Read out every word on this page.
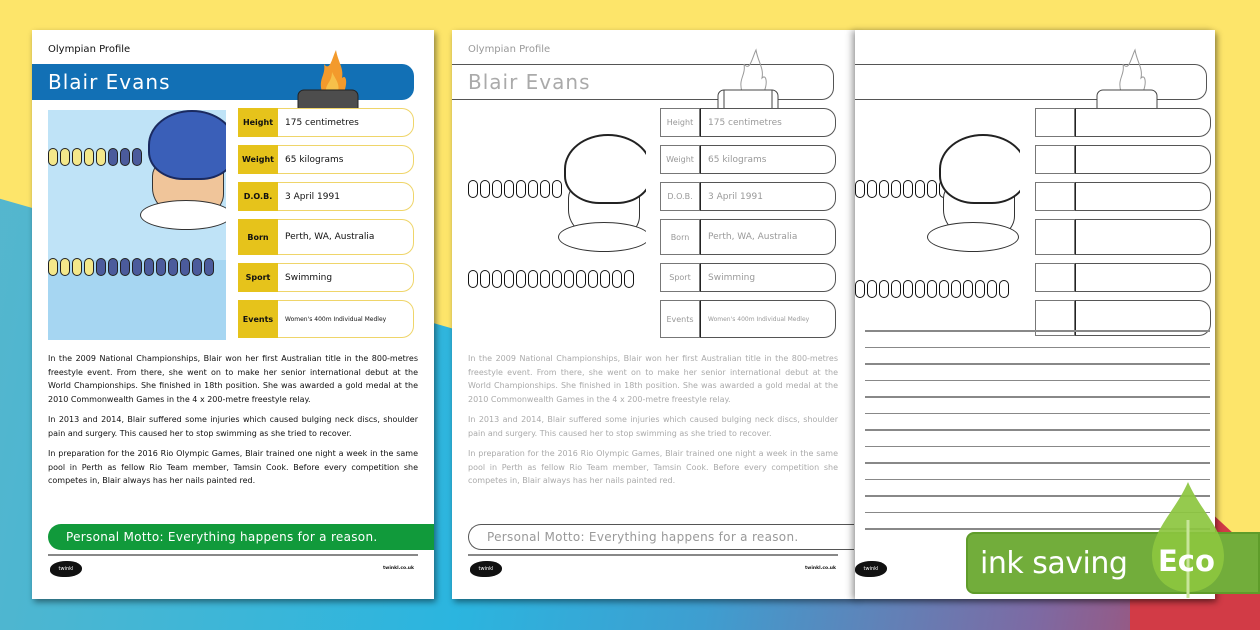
Olympian Profile
Blair Evans
Height	175 centimetres
Weight	65 kilograms
D.O.B.	3 April 1991
Born	Perth, WA, Australia
Sport	Swimming
Events	Women's 400m Individual Medley

In the 2009 National Championships, Blair won her first Australian title in the 800-metres freestyle event. From there, she went on to make her senior international debut at the World Championships. She finished in 18th position. She was awarded a gold medal at the 2010 Commonwealth Games in the 4 x 200-metre freestyle relay.

In 2013 and 2014, Blair suffered some injuries which caused bulging neck discs, shoulder pain and surgery. This caused her to stop swimming as she tried to recover.

In preparation for the 2016 Rio Olympic Games, Blair trained one night a week in the same pool in Perth as fellow Rio Team member, Tamsin Cook. Before every competition she competes in, Blair always has her nails painted red.

Personal Motto: Everything happens for a reason.
twinkl	twinkl.co.uk
Olympian Profile
Blair Evans
Height	175 centimetres
Weight	65 kilograms
D.O.B.	3 April 1991
Born	Perth, WA, Australia
Sport	Swimming
Events	Women's 400m Individual Medley

In the 2009 National Championships, Blair won her first Australian title in the 800-metres freestyle event. From there, she went on to make her senior international debut at the World Championships. She finished in 18th position. She was awarded a gold medal at the 2010 Commonwealth Games in the 4 x 200-metre freestyle relay.

In 2013 and 2014, Blair suffered some injuries which caused bulging neck discs, shoulder pain and surgery. This caused her to stop swimming as she tried to recover.

In preparation for the 2016 Rio Olympic Games, Blair trained one night a week in the same pool in Perth as fellow Rio Team member, Tamsin Cook. Before every competition she competes in, Blair always has her nails painted red.

Personal Motto: Everything happens for a reason.
twinkl	twinkl.co.uk	twinkl	ink saving Eco
